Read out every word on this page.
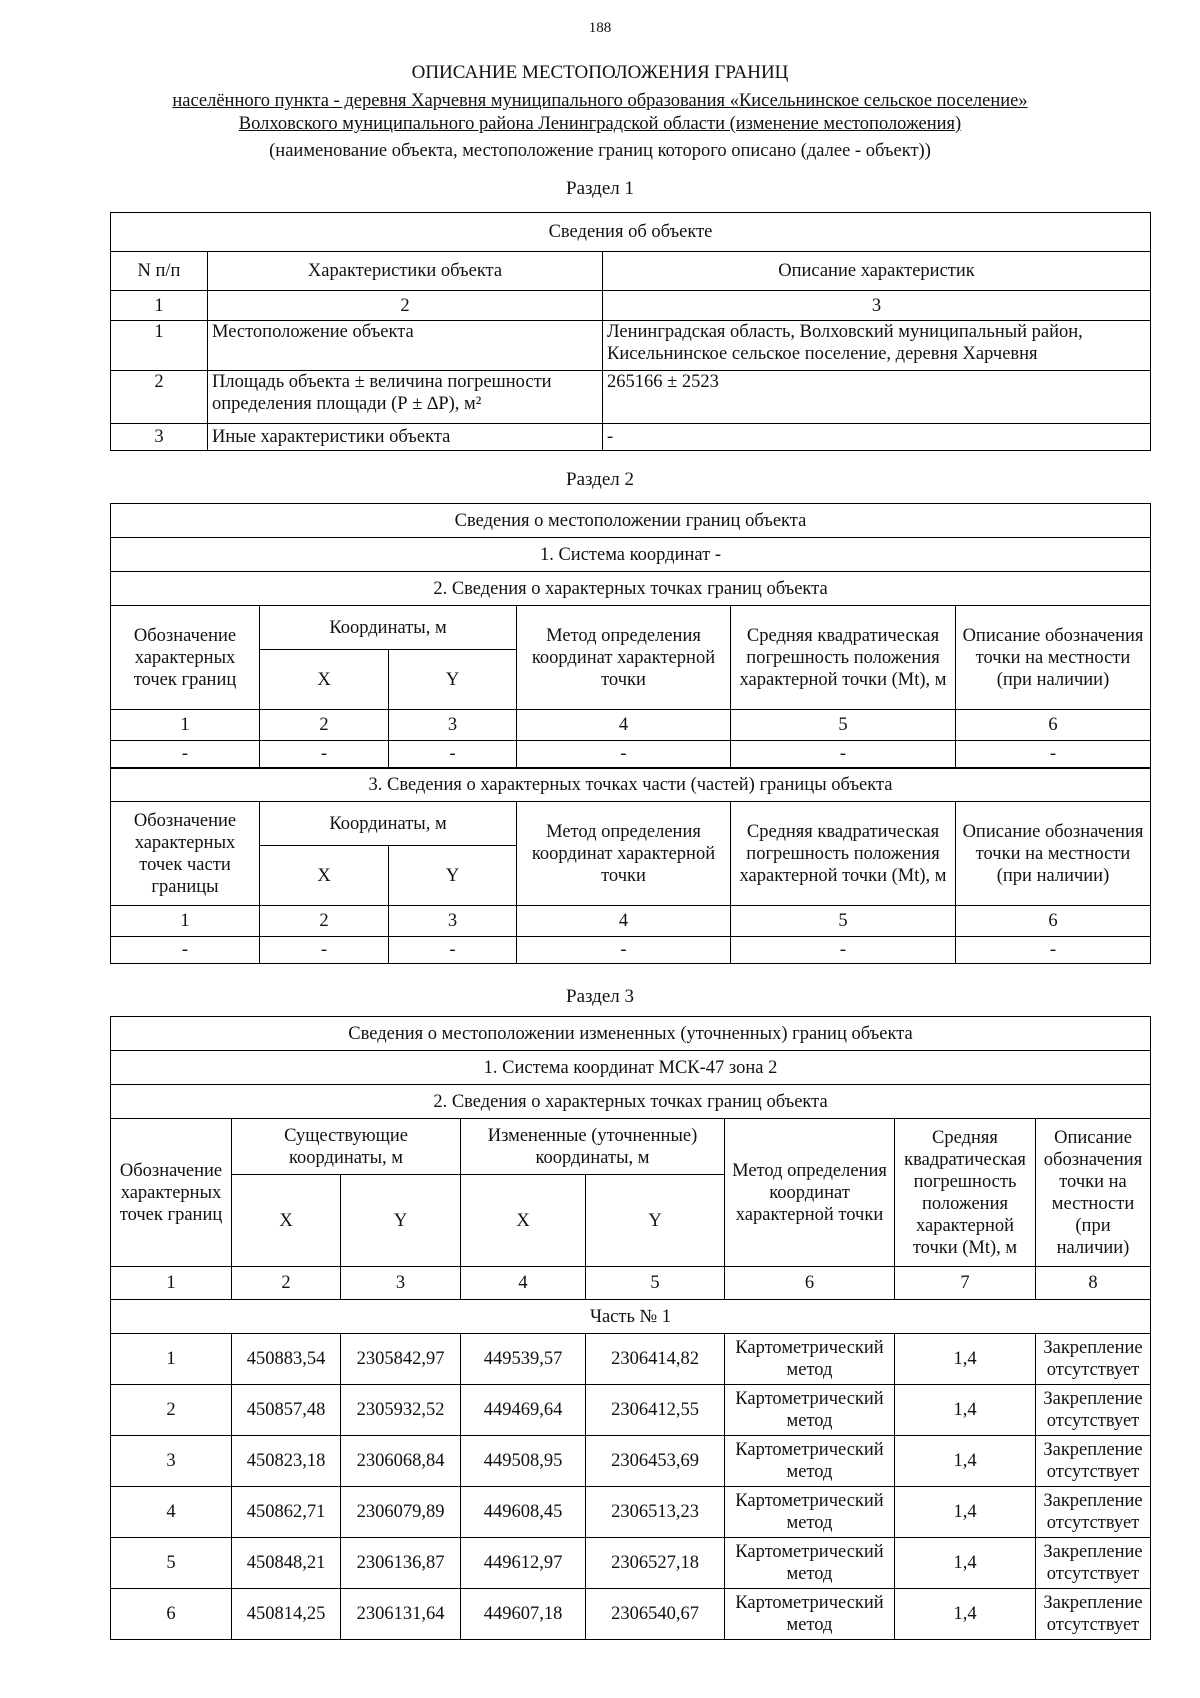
188
ОПИСАНИЕ МЕСТОПОЛОЖЕНИЯ ГРАНИЦ
населённого пункта - деревня Харчевня муниципального образования «Кисельнинское сельское поселение»
Волховского муниципального района Ленинградской области (изменение местоположения)
(наименование объекта, местоположение границ которого описано (далее - объект))
Раздел 1
Сведения об объекте		
N п/п	Характеристики объекта	Описание характеристик
1	2	3
1	Местоположение объекта	Ленинградская область, Волховский муниципальный район, Кисельнинское сельское поселение, деревня Харчевня
2	Площадь объекта ± величина погрешности определения площади (Р ± ∆Р), м²	265166 ± 2523
3	Иные характеристики объекта	-
Раздел 2
Сведения о местоположении границ объекта					
1. Система координат -					
2. Сведения о характерных точках границ объекта					
Обозначение характерных точек границ	Координаты, м		Метод определения координат характерной точки	Средняя квадратическая погрешность положения характерной точки (Mt), м	Описание обозначения точки на местности (при наличии)
	X	Y			
1	2	3	4	5	6
-	-	-	-	-	-
3. Сведения о характерных точках части (частей) границы объекта					
Обозначение характерных точек части границы	Координаты, м		Метод определения координат характерной точки	Средняя квадратическая погрешность положения характерной точки (Mt), м	Описание обозначения точки на местности (при наличии)
	X	Y			
1	2	3	4	5	6
-	-	-	-	-	-
Раздел 3
Сведения о местоположении измененных (уточненных) границ объекта							
1. Система координат МСК-47 зона 2							
2. Сведения о характерных точках границ объекта							
Обозначение характерных точек границ	Существующие координаты, м		Измененные (уточненные) координаты, м		Метод определения координат характерной точки	Средняя квадратическая погрешность положения характерной точки (Mt), м	Описание обозначения точки на местности (при наличии)
	X	Y	X	Y			
1	2	3	4	5	6	7	8
Часть № 1							
1	450883,54	2305842,97	449539,57	2306414,82	Картометрический метод	1,4	Закрепление отсутствует
2	450857,48	2305932,52	449469,64	2306412,55	Картометрический метод	1,4	Закрепление отсутствует
3	450823,18	2306068,84	449508,95	2306453,69	Картометрический метод	1,4	Закрепление отсутствует
4	450862,71	2306079,89	449608,45	2306513,23	Картометрический метод	1,4	Закрепление отсутствует
5	450848,21	2306136,87	449612,97	2306527,18	Картометрический метод	1,4	Закрепление отсутствует
6	450814,25	2306131,64	449607,18	2306540,67	Картометрический метод	1,4	Закрепление отсутствует
